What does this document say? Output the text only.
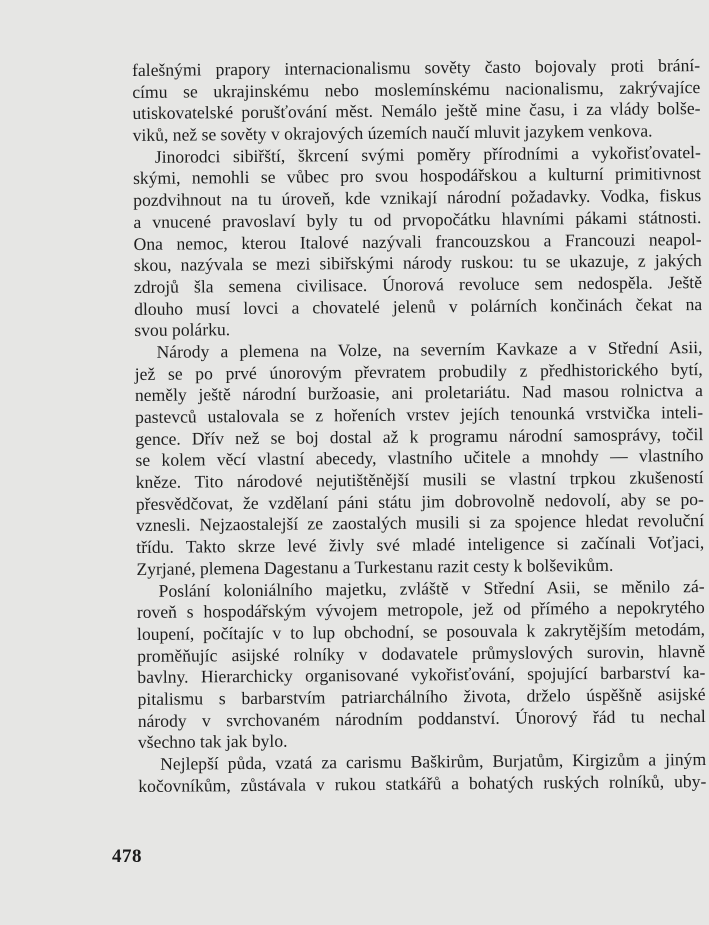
falešnými prapory internacionalismu sověty často bojovaly proti brání-
címu se ukrajinskému nebo moslemínskému nacionalismu, zakrývajíce
utiskovatelské porušťování měst. Nemálo ještě mine času, i za vlády bolše-
viků, než se sověty v okrajových územích naučí mluvit jazykem venkova.
Jinorodci sibiřští, škrcení svými poměry přírodními a vykořisťovatel-
skými, nemohli se vůbec pro svou hospodářskou a kulturní primitivnost
pozdvihnout na tu úroveň, kde vznikají národní požadavky. Vodka, fiskus
a vnucené pravoslaví byly tu od prvopočátku hlavními pákami státnosti.
Ona nemoc, kterou Italové nazývali francouzskou a Francouzi neapol-
skou, nazývala se mezi sibiřskými národy ruskou: tu se ukazuje, z jakých
zdrojů šla semena civilisace. Únorová revoluce sem nedospěla. Ještě
dlouho musí lovci a chovatelé jelenů v polárních končinách čekat na
svou polárku.
Národy a plemena na Volze, na severním Kavkaze a v Střední Asii,
jež se po prvé únorovým převratem probudily z předhistorického bytí,
neměly ještě národní buržoasie, ani proletariátu. Nad masou rolnictva a
pastevců ustalovala se z hořeních vrstev jejích tenounká vrstvička inteli-
gence. Dřív než se boj dostal až k programu národní samosprávy, točil
se kolem věcí vlastní abecedy, vlastního učitele a mnohdy — vlastního
kněze. Tito národové nejutištěnější musili se vlastní trpkou zkušeností
přesvědčovat, že vzdělaní páni státu jim dobrovolně nedovolí, aby se po-
vznesli. Nejzaostalejší ze zaostalých musili si za spojence hledat revoluční
třídu. Takto skrze levé živly své mladé inteligence si začínali Voťjaci,
Zyrjané, plemena Dagestanu a Turkestanu razit cesty k bolševikům.
Poslání koloniálního majetku, zvláště v Střední Asii, se měnilo zá-
roveň s hospodářským vývojem metropole, jež od přímého a nepokrytého
loupení, počítajíc v to lup obchodní, se posouvala k zakrytějším metodám,
proměňujíc asijské rolníky v dodavatele průmyslových surovin, hlavně
bavlny. Hierarchicky organisované vykořisťování, spojující barbarství ka-
pitalismu s barbarstvím patriarchálního života, drželo úspěšně asijské
národy v svrchovaném národním poddanství. Únorový řád tu nechal
všechno tak jak bylo.
Nejlepší půda, vzatá za carismu Baškirům, Burjatům, Kirgizům a jiným
kočovníkům, zůstávala v rukou statkářů a bohatých ruských rolníků, uby-
478
